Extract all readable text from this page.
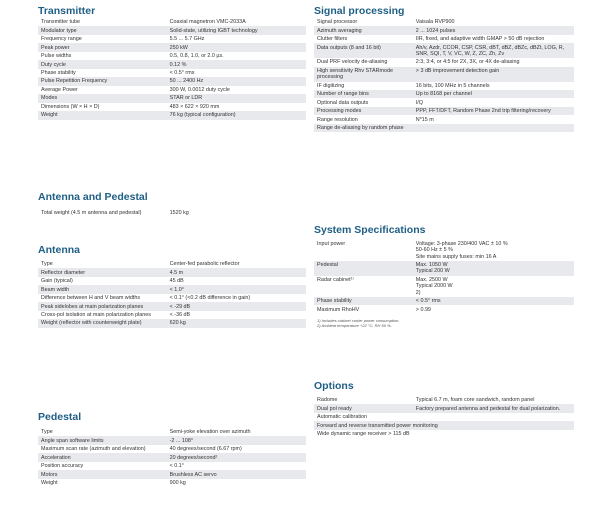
Transmitter
Transmitter tube	Coaxial magnetron VMC-2033A
Modulator type	Solid-state, utilizing IGBT technology
Frequency range	5.5 ... 5.7 GHz
Peak power	250 kW
Pulse widths	0.5, 0.8, 1.0, or 2.0 µs.
Duty cycle	0.12 %
Phase stability	< 0.5° rms
Pulse Repetition Frequency	50 ... 2400 Hz
Average Power	300 W, 0.0012 duty cycle
Modes	STAR or LDR
Dimensions (W × H × D)	483 × 622 × 920 mm
Weight	76 kg (typical configuration)
Antenna and Pedestal
Total weight (4.5 m antenna and pedestal)	1520 kg
Antenna
Type	Center-fed parabolic reflector
Reflector diameter	4.5 m
Gain (typical)	45 dB
Beam width	< 1.0°
Difference between H and V beam widths	< 0.1° (<0.2 dB difference in gain)
Peak sidelobes at main polarization planes	< -29 dB
Cross-pol isolation at main polarization planes	< -36 dB
Weight (reflector with counterweight plate)	620 kg
Pedestal
Type	Semi-yoke elevation over azimuth
Angle span software limits	-2 ... 108°
Maximum scan rate (azimuth and elevation)	40 degrees/second (6.67 rpm)
Acceleration	20 degrees/second²
Position accuracy	< 0.1°
Motors	Brushless AC servo
Weight	900 kg
Signal processing
Signal processor	Vaisala RVP900
Azimuth averaging	2 ... 1024 pulses
Clutter filters	IIR, fixed, and adaptive width GMAP > 50 dB rejection
Data outputs (8 and 16 bit)	Ah/v, Azdr, CCOR, CSP, CSR, dBT, dBZ, dBZc, dBZt, LOG, R, SNR, SQI, T, V, VC, W, Z, ZC, Zh, Zv
Dual PRF velocity de-aliasing	2:3, 3:4, or 4:5 for 2X, 3X, or 4X de-aliasing
High sensitivity Rhv STARmode processing	> 3 dB improvement detection gain
IF digitizing	16 bits, 100 MHz in 5 channels
Number of range bins	Up to 8168 per channel
Optional data outputs	I/Q
Processing modes	PPP, FFT/DFT, Random Phase 2nd trip filtering/recovery
Range resolution	N*15 m
Range de-aliasing by random phase	
System Specifications
Input power	Voltage: 3-phase 230/400 VAC ± 10 %
50-60 Hz ± 5 %
Site mains supply fuses: min 16 A
Pedestal	Max. 1050 W
Typical 200 W
Radar cabinet¹⁾	Max. 2500 W
Typical 2000 W
2)
Phase stability	< 0.5° rms
Maximum RhoHV	> 0.99
1) Includes cabinet cooler power consumption.
2) Ambient temperature +22 °C, RH 50 %.
Options
Radome	Typical 6.7 m, foam core sandwich, random panel
Dual pol ready	Factory prepared antenna and pedestal for dual polarization.
Automatic calibration	
Forward and reverse transmitted power monitoring	
Wide dynamic range receiver > 115 dB	
